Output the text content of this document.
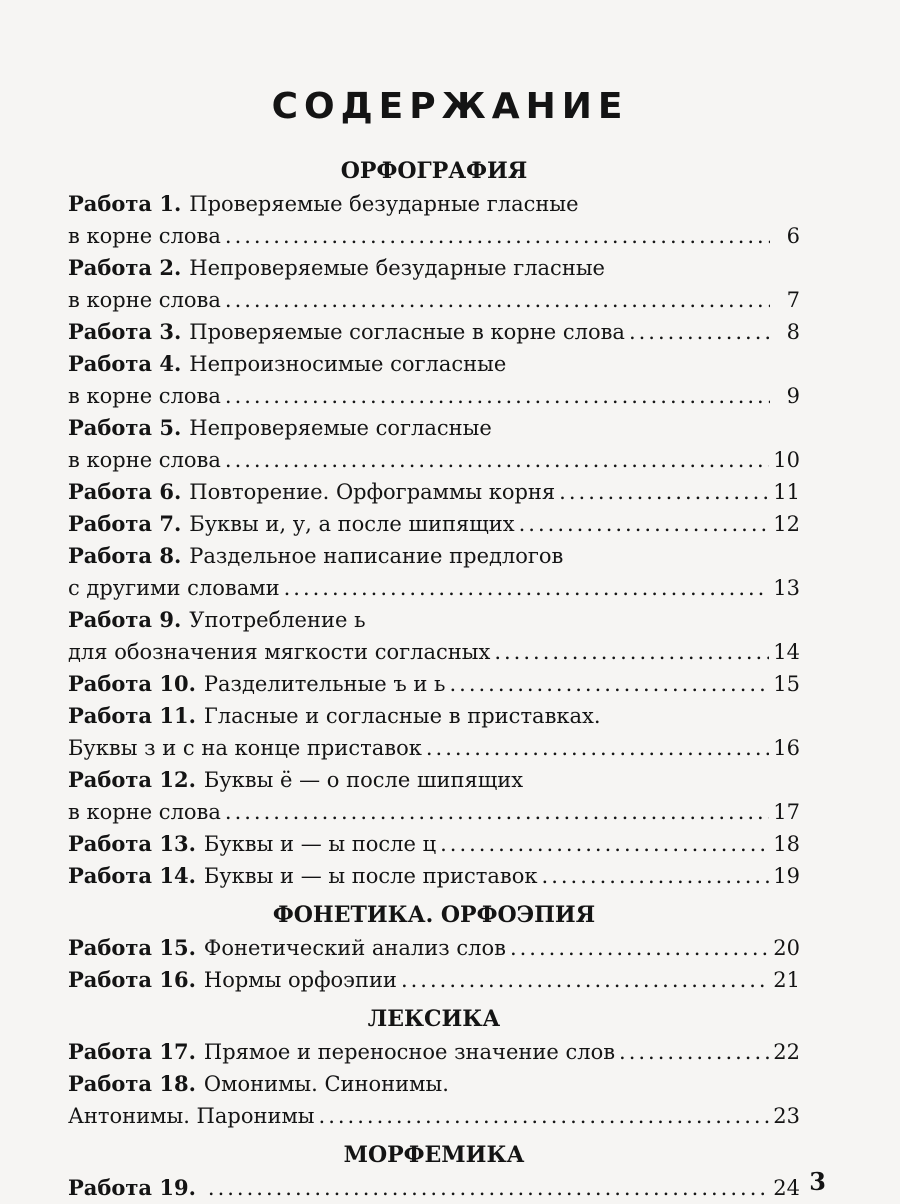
СОДЕРЖАНИЕ
ОРФОГРАФИЯ
Работа 1. Проверяемые безударные гласные
в корне слова .....	6
Работа 2. Непроверяемые безударные гласные
в корне слова .....	7
Работа 3. Проверяемые согласные в корне слова .....	8
Работа 4. Непроизносимые согласные
в корне слова .....	9
Работа 5. Непроверяемые согласные
в корне слова .....	10
Работа 6. Повторение. Орфограммы корня .....	11
Работа 7. Буквы и, у, а после шипящих .....	12
Работа 8. Раздельное написание предлогов
с другими словами .....	13
Работа 9. Употребление ь
для обозначения мягкости согласных .....	14
Работа 10. Разделительные ъ и ь .....	15
Работа 11. Гласные и согласные в приставках.
Буквы з и с на конце приставок .....	16
Работа 12. Буквы ё — о после шипящих
в корне слова .....	17
Работа 13. Буквы и — ы после ц .....	18
Работа 14. Буквы и — ы после приставок .....	19
ФОНЕТИКА. ОРФОЭПИЯ
Работа 15. Фонетический анализ слов .....	20
Работа 16. Нормы орфоэпии .....	21
ЛЕКСИКА
Работа 17. Прямое и переносное значение слов .....	22
Работа 18. Омонимы. Синонимы.
Антонимы. Паронимы .....	23
МОРФЕМИКА
Работа 19. .....	24 3
